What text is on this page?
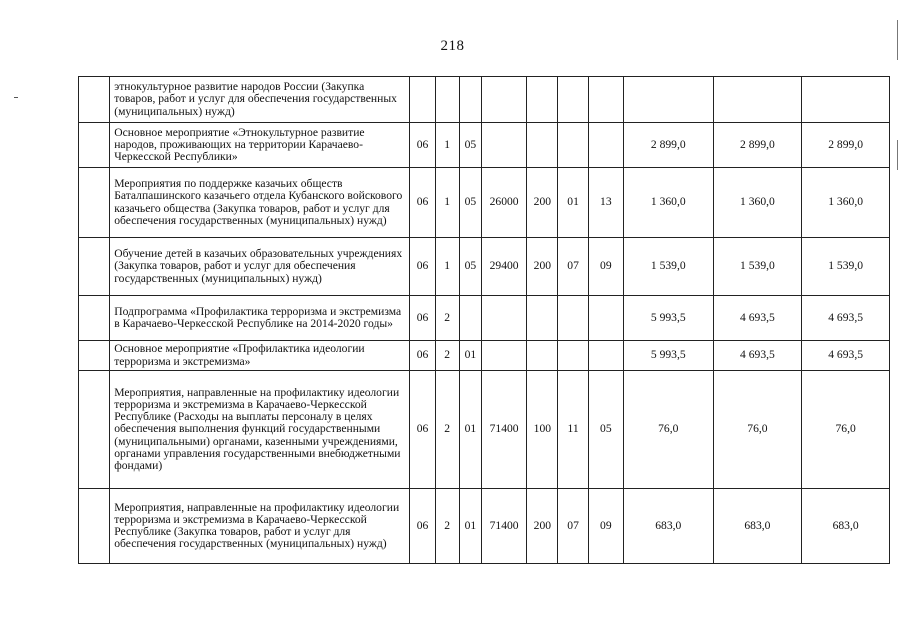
218
	этнокультурное развитие народов России (Закупка товаров, работ и услуг для обеспечения государственных (муниципальных) нужд)										
	Основное мероприятие «Этнокультурное развитие народов, проживающих на территории Карачаево-Черкесской Республики»	06	1	05					2 899,0	2 899,0	2 899,0
	Мероприятия по поддержке казачьих обществ Баталпашинского казачьего отдела Кубанского войскового казачьего общества (Закупка товаров, работ и услуг для обеспечения государственных (муниципальных) нужд)	06	1	05	26000	200	01	13	1 360,0	1 360,0	1 360,0
	Обучение детей в казачьих образовательных учреждениях (Закупка товаров, работ и услуг для обеспечения государственных (муниципальных) нужд)	06	1	05	29400	200	07	09	1 539,0	1 539,0	1 539,0
	Подпрограмма «Профилактика терроризма и экстремизма в Карачаево-Черкесской Республике на 2014-2020 годы»	06	2						5 993,5	4 693,5	4 693,5
	Основное мероприятие «Профилактика идеологии терроризма и экстремизма»	06	2	01					5 993,5	4 693,5	4 693,5
	Мероприятия, направленные на профилактику идеологии терроризма и экстремизма в Карачаево-Черкесской Республике (Расходы на выплаты персоналу в целях обеспечения выполнения функций государственными (муниципальными) органами, казенными учреждениями, органами управления государственными внебюджетными фондами)	06	2	01	71400	100	11	05	76,0	76,0	76,0
	Мероприятия, направленные на профилактику идеологии терроризма и экстремизма в Карачаево-Черкесской Республике (Закупка товаров, работ и услуг для обеспечения государственных (муниципальных) нужд)	06	2	01	71400	200	07	09	683,0	683,0	683,0
